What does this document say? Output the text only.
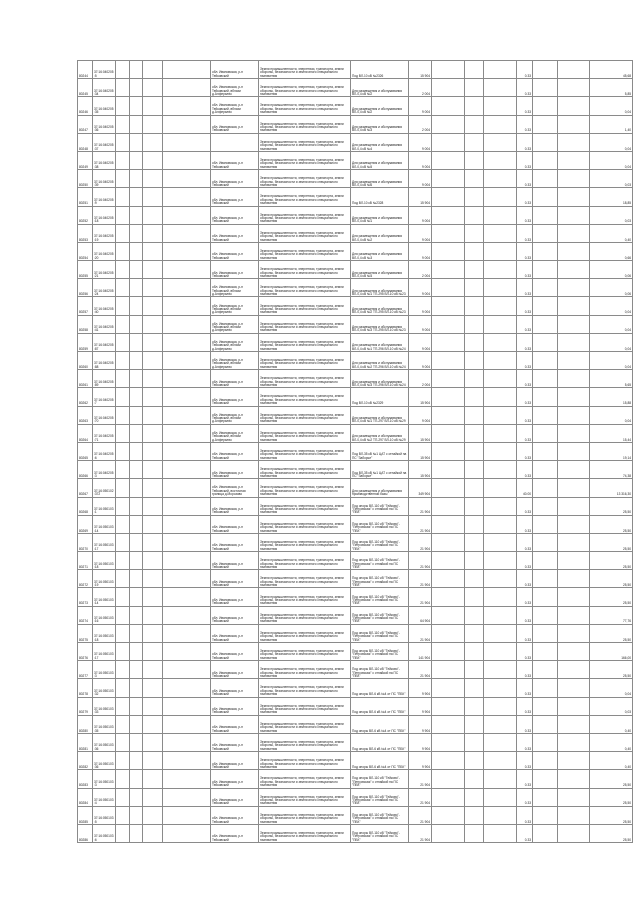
80244	37:16:040205:5					обл. Ивановская, р-н Тейковский	Земли промышленности, энергетики, транспорта, земли обороны, безопасности и земли иного специального назначения	Под ВЛ-10 кВ №2326	15 904				0.33			45,68
80245	37:16:040205:34					обл. Ивановская, р-н Тейковский, вблизи д.Алферьево	Земли промышленности, энергетики, транспорта, земли обороны, безопасности и земли иного специального назначения	Для размещения и обслуживания ВЛ-0,4 кВ №2	2 004				0.33			5,85
80246	37:16:040205:35					обл. Ивановская, р-н Тейковский, вблизи д.Алферьево	Земли промышленности, энергетики, транспорта, земли обороны, безопасности и земли иного специального назначения	Для размещения и обслуживания ВЛ-0,4 кВ №2	9 004				0.33			0,04
80247	37:16:040205:36					обл. Ивановская, р-н Тейковский	Земли промышленности, энергетики, транспорта, земли обороны, безопасности и земли иного специального назначения	Для размещения и обслуживания ВЛ-0,4 кВ №3	2 004				0.33			1,40
80248	37:16:040205:37						Земли промышленности, энергетики, транспорта, земли обороны, безопасности и земли иного специального назначения	Для размещения и обслуживания ВЛ-0,4 кВ №4	9 004				0.33			0,04
80249	37:16:040205:38					обл. Ивановская, р-н Тейковский	Земли промышленности, энергетики, транспорта, земли обороны, безопасности и земли иного специального назначения	Для размещения и обслуживания ВЛ-0,4 кВ №5	9 004				0.33			0,04
80250	37:16:040205:39					обл. Ивановская, р-н Тейковский	Земли промышленности, энергетики, транспорта, земли обороны, безопасности и земли иного специального назначения	Для размещения и обслуживания ВЛ-0,4 кВ №6	9 004				0.33			0,03
80251	37:16:040205:9					обл. Ивановская, р-н Тейковский	Земли промышленности, энергетики, транспорта, земли обороны, безопасности и земли иного специального назначения	Под ВЛ-10 кВ №2328	15 904				0.33			18,85
80252	37:16:040205:18					обл. Ивановская, р-н Тейковский	Земли промышленности, энергетики, транспорта, земли обороны, безопасности и земли иного специального назначения	Для размещения и обслуживания ВЛ-0,4 кВ №1	9 004				0.33			0,03
80253	37:16:040205:19					обл. Ивановская, р-н Тейковский	Земли промышленности, энергетики, транспорта, земли обороны, безопасности и земли иного специального назначения	Для размещения и обслуживания ВЛ-0,4 кВ №2	9 004				0.33			0,40
80254	37:16:040205:20					обл. Ивановская, р-н Тейковский	Земли промышленности, энергетики, транспорта, земли обороны, безопасности и земли иного специального назначения	Для размещения и обслуживания ВЛ-0,4 кВ №3	9 004				0.33			0,66
80255	37:16:040205:21					обл. Ивановская, р-н Тейковский	Земли промышленности, энергетики, транспорта, земли обороны, безопасности и земли иного специального назначения	Для размещения и обслуживания ВЛ-0,4 кВ №4	2 004				0.33			0,06
80256	37:16:040205:24					обл. Ивановская, р-н Тейковский, вблизи д.Алферьево	Земли промышленности, энергетики, транспорта, земли обороны, безопасности и земли иного специального назначения	Для размещения и обслуживания ВЛ-0,4 кВ №1 ТП-295 ВЛ-10 кВ №23	9 004				0.33			0,06
80257	37:16:040205:40					обл. Ивановская, р-н Тейковский, вблизи д.Алферьево	Земли промышленности, энергетики, транспорта, земли обороны, безопасности и земли иного специального назначения	Для размещения и обслуживания ВЛ-0,4 кВ №2 ТП-295 ВЛ-10 кВ №23	9 004				0.33			0,04
80258	37:16:040205:41					обл. Ивановская, р-н Тейковский, вблизи д.Алферьево	Земли промышленности, энергетики, транспорта, земли обороны, безопасности и земли иного специального назначения	Для размещения и обслуживания ВЛ-0,4 кВ №3 ТП-295 ВЛ-10 кВ №23	9 004				0.33			0,04
80259	37:16:040205:87					обл. Ивановская, р-н Тейковский, вблизи д.Алферьево	Земли промышленности, энергетики, транспорта, земли обороны, безопасности и земли иного специального назначения	Для размещения и обслуживания ВЛ-0,4 кВ №1 ТП-296 ВЛ-10 кВ №24	9 004				0.33			0,04
80260	37:16:040205:88					обл. Ивановская, р-н Тейковский, вблизи д.Алферьево	Земли промышленности, энергетики, транспорта, земли обороны, безопасности и земли иного специального назначения	Для размещения и обслуживания ВЛ-0,4 кВ №2 ТП-296 ВЛ-10 кВ №24	9 004				0.33			0,04
80261	37:16:040205:89					обл. Ивановская, р-н Тейковский	Земли промышленности, энергетики, транспорта, земли обороны, безопасности и земли иного специального назначения	Для размещения и обслуживания ВЛ-0,4 кВ №3 ТП-296 ВЛ-10 кВ №24	2 004				0.33			5,65
80262	37:16:040205:7					обл. Ивановская, р-н Тейковский	Земли промышленности, энергетики, транспорта, земли обороны, безопасности и земли иного специального назначения	Под ВЛ-10 кВ №2329	15 904				0.33			15,88
80263	37:16:040205:70					обл. Ивановская, р-н Тейковский, вблизи д.Алферьево	Земли промышленности, энергетики, транспорта, земли обороны, безопасности и земли иного специального назначения	Для размещения и обслуживания ВЛ-0,4 кВ №1 ТП-297 ВЛ-10 кВ №29	9 004				0.33			0,04
80264	37:16:040205:71					обл. Ивановская, р-н Тейковский, вблизи д.Алферьево	Земли промышленности, энергетики, транспорта, земли обороны, безопасности и земли иного специального назначения	Для размещения и обслуживания ВЛ-0,4 кВ №2 ТП-297 ВЛ-10 кВ №29	15 904				0.33			15,44
80265	37:16:040205:6					обл. Ивановская, р-н Тейковский	Земли промышленности, энергетики, транспорта, земли обороны, безопасности и земли иного специального назначения	Под ВЛ-35 кВ №1 ЦАТ с отпайкой на ПС "Заборье"	15 904				0.33			19,14
80266	37:16:040205:3					обл. Ивановская, р-н Тейковский	Земли промышленности, энергетики, транспорта, земли обороны, безопасности и земли иного специального назначения	Под ВЛ-35 кВ №1 ЦАТ с отпайкой на ПС "Заборье"	15 904				0.33			74,38
80267	37:16:050102:372					обл. Ивановская, р-н Тейковский, восточная граница д.Морозово	Земли промышленности, энергетики, транспорта, земли обороны, безопасности и земли иного специального назначения	Для размещения и обслуживания производственной базы	349 904				40.00			13 316,30
80268	37:16:050103:1					обл. Ивановская, р-н Тейковский	Земли промышленности, энергетики, транспорта, земли обороны, безопасности и земли иного специального назначения	Под опоры ВЛ-110 кВ "Тейково"-"Петровская" с отпайкой на ПС "ПБК"	21 904				0.33			25,50
80269	37:16:050103:14					обл. Ивановская, р-н Тейковский	Земли промышленности, энергетики, транспорта, земли обороны, безопасности и земли иного специального назначения	Под опоры ВЛ-110 кВ "Тейково"-"Петровская" с отпайкой на ПС "ПБК"	21 904				0.33			25,50
80270	37:16:050103:17					обл. Ивановская, р-н Тейковский	Земли промышленности, энергетики, транспорта, земли обороны, безопасности и земли иного специального назначения	Под опоры ВЛ-110 кВ "Тейково"-"Петровская" с отпайкой на ПС "ПБК"	21 904				0.33			25,50
80271	37:16:050103:18					обл. Ивановская, р-н Тейковский	Земли промышленности, энергетики, транспорта, земли обороны, безопасности и земли иного специального назначения	Под опоры ВЛ-110 кВ "Тейково"-"Петровская" с отпайкой на ПС "ПБК"	21 904				0.33			25,50
80272	37:16:050103:19					обл. Ивановская, р-н Тейковский	Земли промышленности, энергетики, транспорта, земли обороны, безопасности и земли иного специального назначения	Под опоры ВЛ-110 кВ "Тейково"-"Петровская" с отпайкой на ПС "ПБК"	21 904				0.33			25,50
80273	37:16:050103:14					обл. Ивановская, р-н Тейковский	Земли промышленности, энергетики, транспорта, земли обороны, безопасности и земли иного специального назначения	Под опоры ВЛ-110 кВ "Тейково"-"Петровская" с отпайкой на ПС "ПБК"	21 904				0.33			25,50
80274	37:16:050103:16					обл. Ивановская, р-н Тейковский	Земли промышленности, энергетики, транспорта, земли обороны, безопасности и земли иного специального назначения	Под опоры ВЛ-110 кВ "Тейково"-"Петровская" с отпайкой на ПС "ПБК"	64 904				0.33			77,76
80275	37:16:050103:18					обл. Ивановская, р-н Тейковский	Земли промышленности, энергетики, транспорта, земли обороны, безопасности и земли иного специального назначения	Под опоры ВЛ-110 кВ "Тейково"-"Петровская" с отпайкой на ПС "ПБК"	21 904				0.33			25,50
80276	37:16:050103:17					обл. Ивановская, р-н Тейковский	Земли промышленности, энергетики, транспорта, земли обороны, безопасности и земли иного специального назначения	Под опоры ВЛ-110 кВ "Тейково"-"Петровская" с отпайкой на ПС "ПБК"	141 904				0.33			166,00
80277	37:16:050103:3					обл. Ивановская, р-н Тейковский	Земли промышленности, энергетики, транспорта, земли обороны, безопасности и земли иного специального назначения	Под опоры ВЛ-110 кВ "Тейково"-"Петровская" с отпайкой на ПС "ПБК"	21 904				0.33			25,50
80278	37:16:050103:32					обл. Ивановская, р-н Тейковский	Земли промышленности, энергетики, транспорта, земли обороны, безопасности и земли иного специального назначения	Под опоры ВЛ-6 кВ №4 от ПС "ПБК"	9 904				0.33			0,04
80279	37:16:050103:33					обл. Ивановская, р-н Тейковский	Земли промышленности, энергетики, транспорта, земли обороны, безопасности и земли иного специального назначения	Под опоры ВЛ-6 кВ №4 от ПС "ПБК"	9 904				0.33			0,03
80280	37:16:050103:35					обл. Ивановская, р-н Тейковский	Земли промышленности, энергетики, транспорта, земли обороны, безопасности и земли иного специального назначения	Под опоры ВЛ-6 кВ №4 от ПС "ПБК"	9 904				0.33			0,40
80281	37:16:050103:36					обл. Ивановская, р-н Тейковский	Земли промышленности, энергетики, транспорта, земли обороны, безопасности и земли иного специального назначения	Под опоры ВЛ-6 кВ №4 от ПС "ПБК"	9 904				0.33			0,40
80282	37:16:050103:36					обл. Ивановская, р-н Тейковский	Земли промышленности, энергетики, транспорта, земли обороны, безопасности и земли иного специального назначения	Под опоры ВЛ-6 кВ №4 от ПС "ПБК"	9 904				0.33			0,40
80283	37:16:050103:3					обл. Ивановская, р-н Тейковский	Земли промышленности, энергетики, транспорта, земли обороны, безопасности и земли иного специального назначения	Под опоры ВЛ-110 кВ "Тейково"-"Петровская" с отпайкой на ПС "ПБК"	21 904				0.33			25,50
80284	37:16:050103:4					обл. Ивановская, р-н Тейковский	Земли промышленности, энергетики, транспорта, земли обороны, безопасности и земли иного специального назначения	Под опоры ВЛ-110 кВ "Тейково"-"Петровская" с отпайкой на ПС "ПБК"	21 904				0.33			25,50
80285	37:16:050103:5					обл. Ивановская, р-н Тейковский	Земли промышленности, энергетики, транспорта, земли обороны, безопасности и земли иного специального назначения	Под опоры ВЛ-110 кВ "Тейково"-"Петровская" с отпайкой на ПС "ПБК"	21 904				0.33			25,50
80286	37:16:050103:6					обл. Ивановская, р-н Тейковский	Земли промышленности, энергетики, транспорта, земли обороны, безопасности и земли иного специального назначения	Под опоры ВЛ-110 кВ "Тейково"-"Петровская" с отпайкой на ПС "ПБК"	21 904				0.33			25,50
